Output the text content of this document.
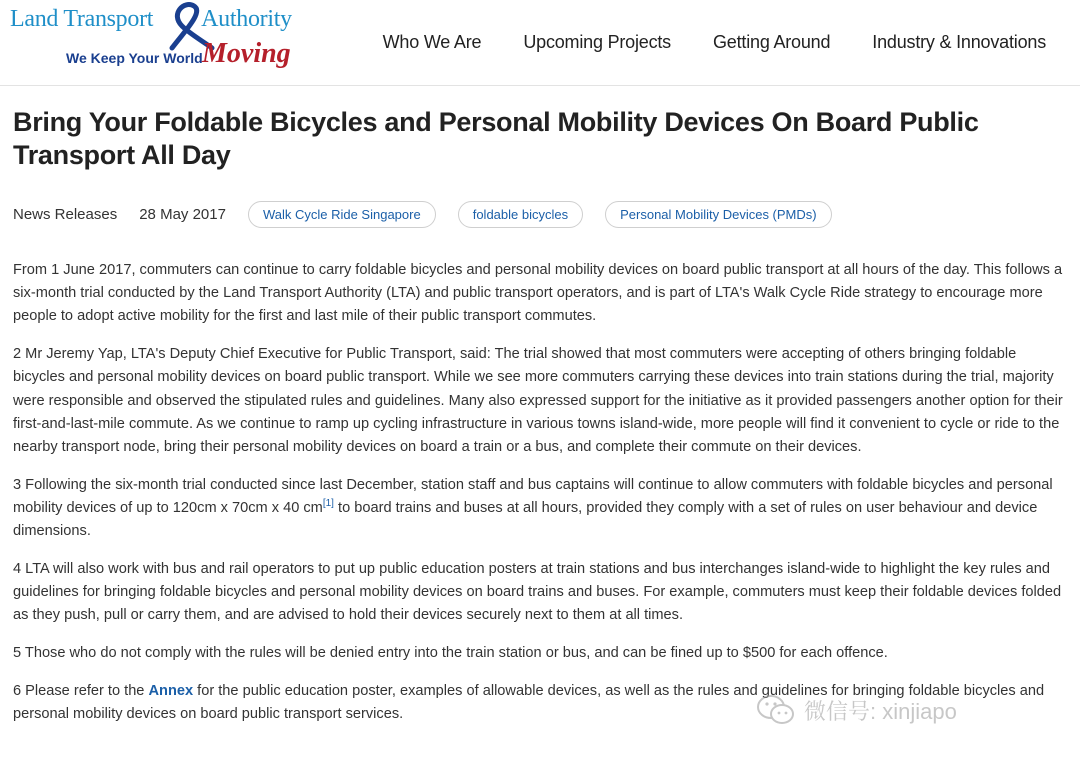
Land Transport Authority
We Keep Your World Moving	Who We Are Upcoming Projects Getting Around Industry & Innovations
Bring Your Foldable Bicycles and Personal Mobility Devices On Board Public Transport All Day
News Releases 28 May 2017	Walk Cycle Ride Singapore	foldable bicycles	Personal Mobility Devices (PMDs)

From 1 June 2017, commuters can continue to carry foldable bicycles and personal mobility devices on board public transport at all hours of the day. This follows a six-month trial conducted by the Land Transport Authority (LTA) and public transport operators, and is part of LTA's Walk Cycle Ride strategy to encourage more people to adopt active mobility for the first and last mile of their public transport commutes.

2 Mr Jeremy Yap, LTA's Deputy Chief Executive for Public Transport, said: The trial showed that most commuters were accepting of others bringing foldable bicycles and personal mobility devices on board public transport. While we see more commuters carrying these devices into train stations during the trial, majority were responsible and observed the stipulated rules and guidelines. Many also expressed support for the initiative as it provided passengers another option for their first-and-last-mile commute. As we continue to ramp up cycling infrastructure in various towns island-wide, more people will find it convenient to cycle or ride to the nearby transport node, bring their personal mobility devices on board a train or a bus, and complete their commute on their devices.

3 Following the six-month trial conducted since last December, station staff and bus captains will continue to allow commuters with foldable bicycles and personal mobility devices of up to 120cm x 70cm x 40 cm[1] to board trains and buses at all hours, provided they comply with a set of rules on user behaviour and device dimensions.

4 LTA will also work with bus and rail operators to put up public education posters at train stations and bus interchanges island-wide to highlight the key rules and guidelines for bringing foldable bicycles and personal mobility devices on board trains and buses. For example, commuters must keep their foldable devices folded as they push, pull or carry them, and are advised to hold their devices securely next to them at all times.

5 Those who do not comply with the rules will be denied entry into the train station or bus, and can be fined up to $500 for each offence.

6 Please refer to the Annex for the public education poster, examples of allowable devices, as well as the rules and guidelines for bringing foldable bicycles and personal mobility devices on board public transport services.	微信号: xinjiapo
